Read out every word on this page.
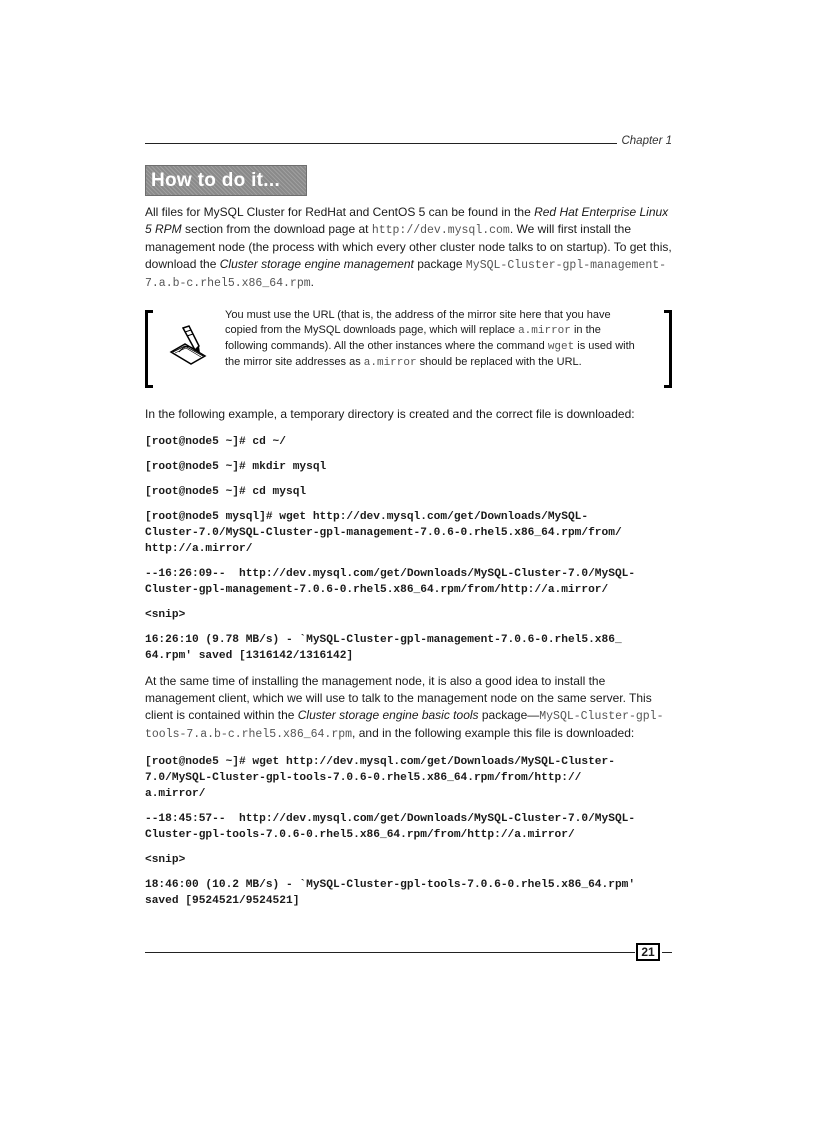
Chapter 1
How to do it...

All files for MySQL Cluster for RedHat and CentOS 5 can be found in the Red Hat Enterprise Linux 5 RPM section from the download page at http://dev.mysql.com. We will first install the management node (the process with which every other cluster node talks to on startup). To get this, download the Cluster storage engine management package MySQL-Cluster-gpl-management-7.a.b-c.rhel5.x86_64.rpm.

You must use the URL (that is, the address of the mirror site here that you have copied from the MySQL downloads page, which will replace a.mirror in the following commands). All the other instances where the command wget is used with the mirror site addresses as a.mirror should be replaced with the URL.

In the following example, a temporary directory is created and the correct file is downloaded:

[root@node5 ~]# cd ~/
[root@node5 ~]# mkdir mysql
[root@node5 ~]# cd mysql
[root@node5 mysql]# wget http://dev.mysql.com/get/Downloads/MySQL-
Cluster-7.0/MySQL-Cluster-gpl-management-7.0.6-0.rhel5.x86_64.rpm/from/
http://a.mirror/
--16:26:09--  http://dev.mysql.com/get/Downloads/MySQL-Cluster-7.0/MySQL-
Cluster-gpl-management-7.0.6-0.rhel5.x86_64.rpm/from/http://a.mirror/
<snip>
16:26:10 (9.78 MB/s) - `MySQL-Cluster-gpl-management-7.0.6-0.rhel5.x86_
64.rpm' saved [1316142/1316142]

At the same time of installing the management node, it is also a good idea to install the management client, which we will use to talk to the management node on the same server. This client is contained within the Cluster storage engine basic tools package—MySQL-Cluster-gpl-tools-7.a.b-c.rhel5.x86_64.rpm, and in the following example this file is downloaded:

[root@node5 ~]# wget http://dev.mysql.com/get/Downloads/MySQL-Cluster-
7.0/MySQL-Cluster-gpl-tools-7.0.6-0.rhel5.x86_64.rpm/from/http://
a.mirror/
--18:45:57--  http://dev.mysql.com/get/Downloads/MySQL-Cluster-7.0/MySQL-
Cluster-gpl-tools-7.0.6-0.rhel5.x86_64.rpm/from/http://a.mirror/
<snip>
18:46:00 (10.2 MB/s) - `MySQL-Cluster-gpl-tools-7.0.6-0.rhel5.x86_64.rpm'
saved [9524521/9524521]
21
